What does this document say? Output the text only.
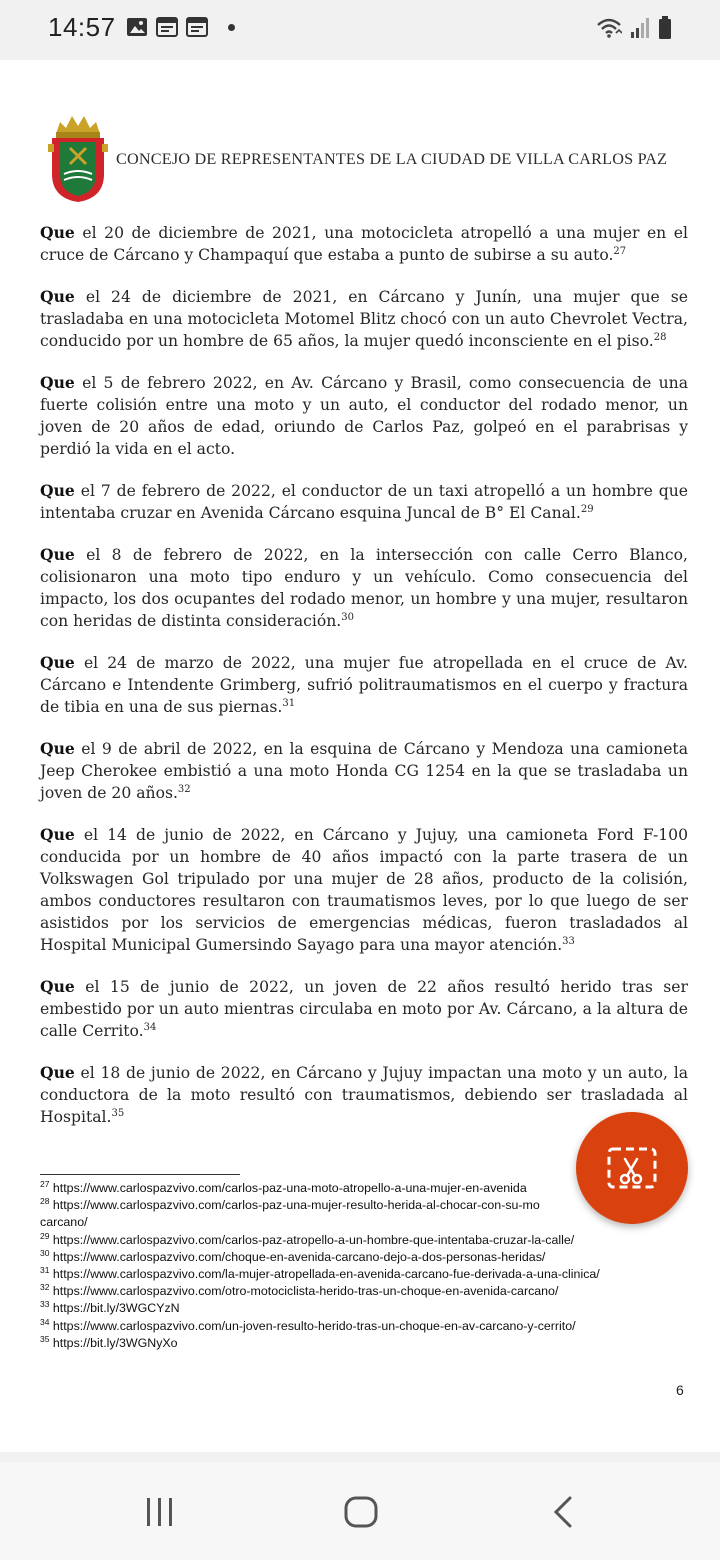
14:57
CONCEJO DE REPRESENTANTES DE LA CIUDAD DE VILLA CARLOS PAZ

Que el 20 de diciembre de 2021, una motocicleta atropelló a una mujer en el cruce de Cárcano y Champaquí que estaba a punto de subirse a su auto.$^{27}$

Que el 24 de diciembre de 2021, en Cárcano y Junín, una mujer que se trasladaba en una motocicleta Motomel Blitz chocó con un auto Chevrolet Vectra, conducido por un hombre de 65 años, la mujer quedó inconsciente en el piso.$^{28}$

Que el 5 de febrero 2022, en Av. Cárcano y Brasil, como consecuencia de una fuerte colisión entre una moto y un auto, el conductor del rodado menor, un joven de 20 años de edad, oriundo de Carlos Paz, golpeó en el parabrisas y perdió la vida en el acto.

Que el 7 de febrero de 2022, el conductor de un taxi atropelló a un hombre que intentaba cruzar en Avenida Cárcano esquina Juncal de B° El Canal.$^{29}$

Que el 8 de febrero de 2022, en la intersección con calle Cerro Blanco, colisionaron una moto tipo enduro y un vehículo. Como consecuencia del impacto, los dos ocupantes del rodado menor, un hombre y una mujer, resultaron con heridas de distinta consideración.$^{30}$

Que el 24 de marzo de 2022, una mujer fue atropellada en el cruce de Av. Cárcano e Intendente Grimberg, sufrió politraumatismos en el cuerpo y fractura de tibia en una de sus piernas.$^{31}$

Que el 9 de abril de 2022, en la esquina de Cárcano y Mendoza una camioneta Jeep Cherokee embistió a una moto Honda CG 1254 en la que se trasladaba un joven de 20 años.$^{32}$

Que el 14 de junio de 2022, en Cárcano y Jujuy, una camioneta Ford F-100 conducida por un hombre de 40 años impactó con la parte trasera de un Volkswagen Gol tripulado por una mujer de 28 años, producto de la colisión, ambos conductores resultaron con traumatismos leves, por lo que luego de ser asistidos por los servicios de emergencias médicas, fueron trasladados al Hospital Municipal Gumersindo Sayago para una mayor atención.$^{33}$

Que el 15 de junio de 2022, un joven de 22 años resultó herido tras ser embestido por un auto mientras circulaba en moto por Av. Cárcano, a la altura de calle Cerrito.$^{34}$

Que el 18 de junio de 2022, en Cárcano y Jujuy impactan una moto y un auto, la conductora de la moto resultó con traumatismos, debiendo ser trasladada al Hospital.$^{35}$

$^{27}$ https://www.carlospazvivo.com/carlos-paz-una-moto-atropello-a-una-mujer-en-avenida
$^{28}$ https://www.carlospazvivo.com/carlos-paz-una-mujer-resulto-herida-al-chocar-con-su-mo
carcano/
$^{29}$ https://www.carlospazvivo.com/carlos-paz-atropello-a-un-hombre-que-intentaba-cruzar-la-calle/
$^{30}$ https://www.carlospazvivo.com/choque-en-avenida-carcano-dejo-a-dos-personas-heridas/
$^{31}$ https://www.carlospazvivo.com/la-mujer-atropellada-en-avenida-carcano-fue-derivada-a-una-clinica/
$^{32}$ https://www.carlospazvivo.com/otro-motociclista-herido-tras-un-choque-en-avenida-carcano/
$^{33}$ https://bit.ly/3WGCYzN
$^{34}$ https://www.carlospazvivo.com/un-joven-resulto-herido-tras-un-choque-en-av-carcano-y-cerrito/
$^{35}$ https://bit.ly/3WGNyXo
6
